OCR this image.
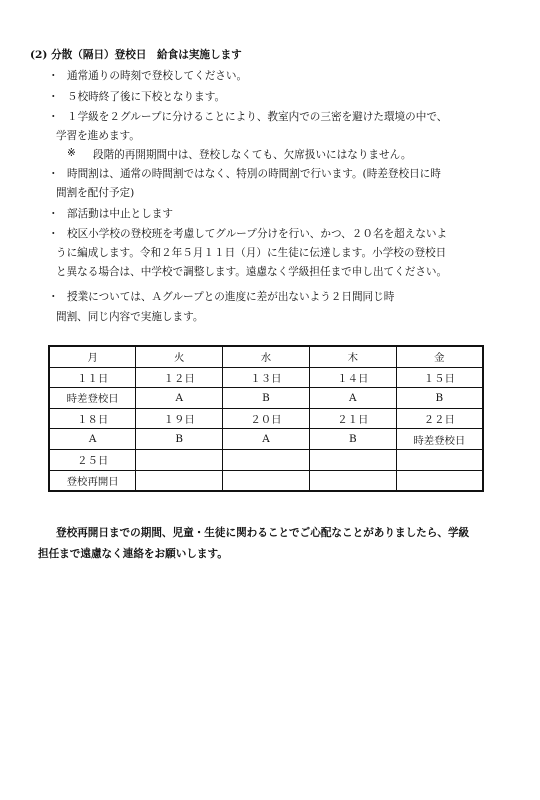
(2) 分散（隔日）登校日　給食は実施します
・ 通常通りの時刻で登校してください。
・ ５校時終了後に下校となります。
・ １学級を２グループに分けることにより、教室内での三密を避けた環境の中で、
学習を進めます。
※ 段階的再開期間中は、登校しなくても、欠席扱いにはなりません。
・ 時間割は、通常の時間割ではなく、特別の時間割で行います。(時差登校日に時
間割を配付予定)
・ 部活動は中止とします
・ 校区小学校の登校班を考慮してグループ分けを行い、かつ、２０名を超えないよ
うに編成します。令和２年５月１１日（月）に生徒に伝達します。小学校の登校日
と異なる場合は、中学校で調整します。遠慮なく学級担任まで申し出てください。
・ 授業については、Ａグループとの進度に差が出ないよう２日間同じ時
間割、同じ内容で実施します。
月	火	水	木	金
１１日	１２日	１３日	１４日	１５日
時差登校日	A	B	A	B
１８日	１９日	２０日	２１日	２２日
A	B	A	B	時差登校日
２５日				
登校再開日				
登校再開日までの期間、児童・生徒に関わることでご心配なことがありましたら、学級
担任まで遠慮なく連絡をお願いします。
